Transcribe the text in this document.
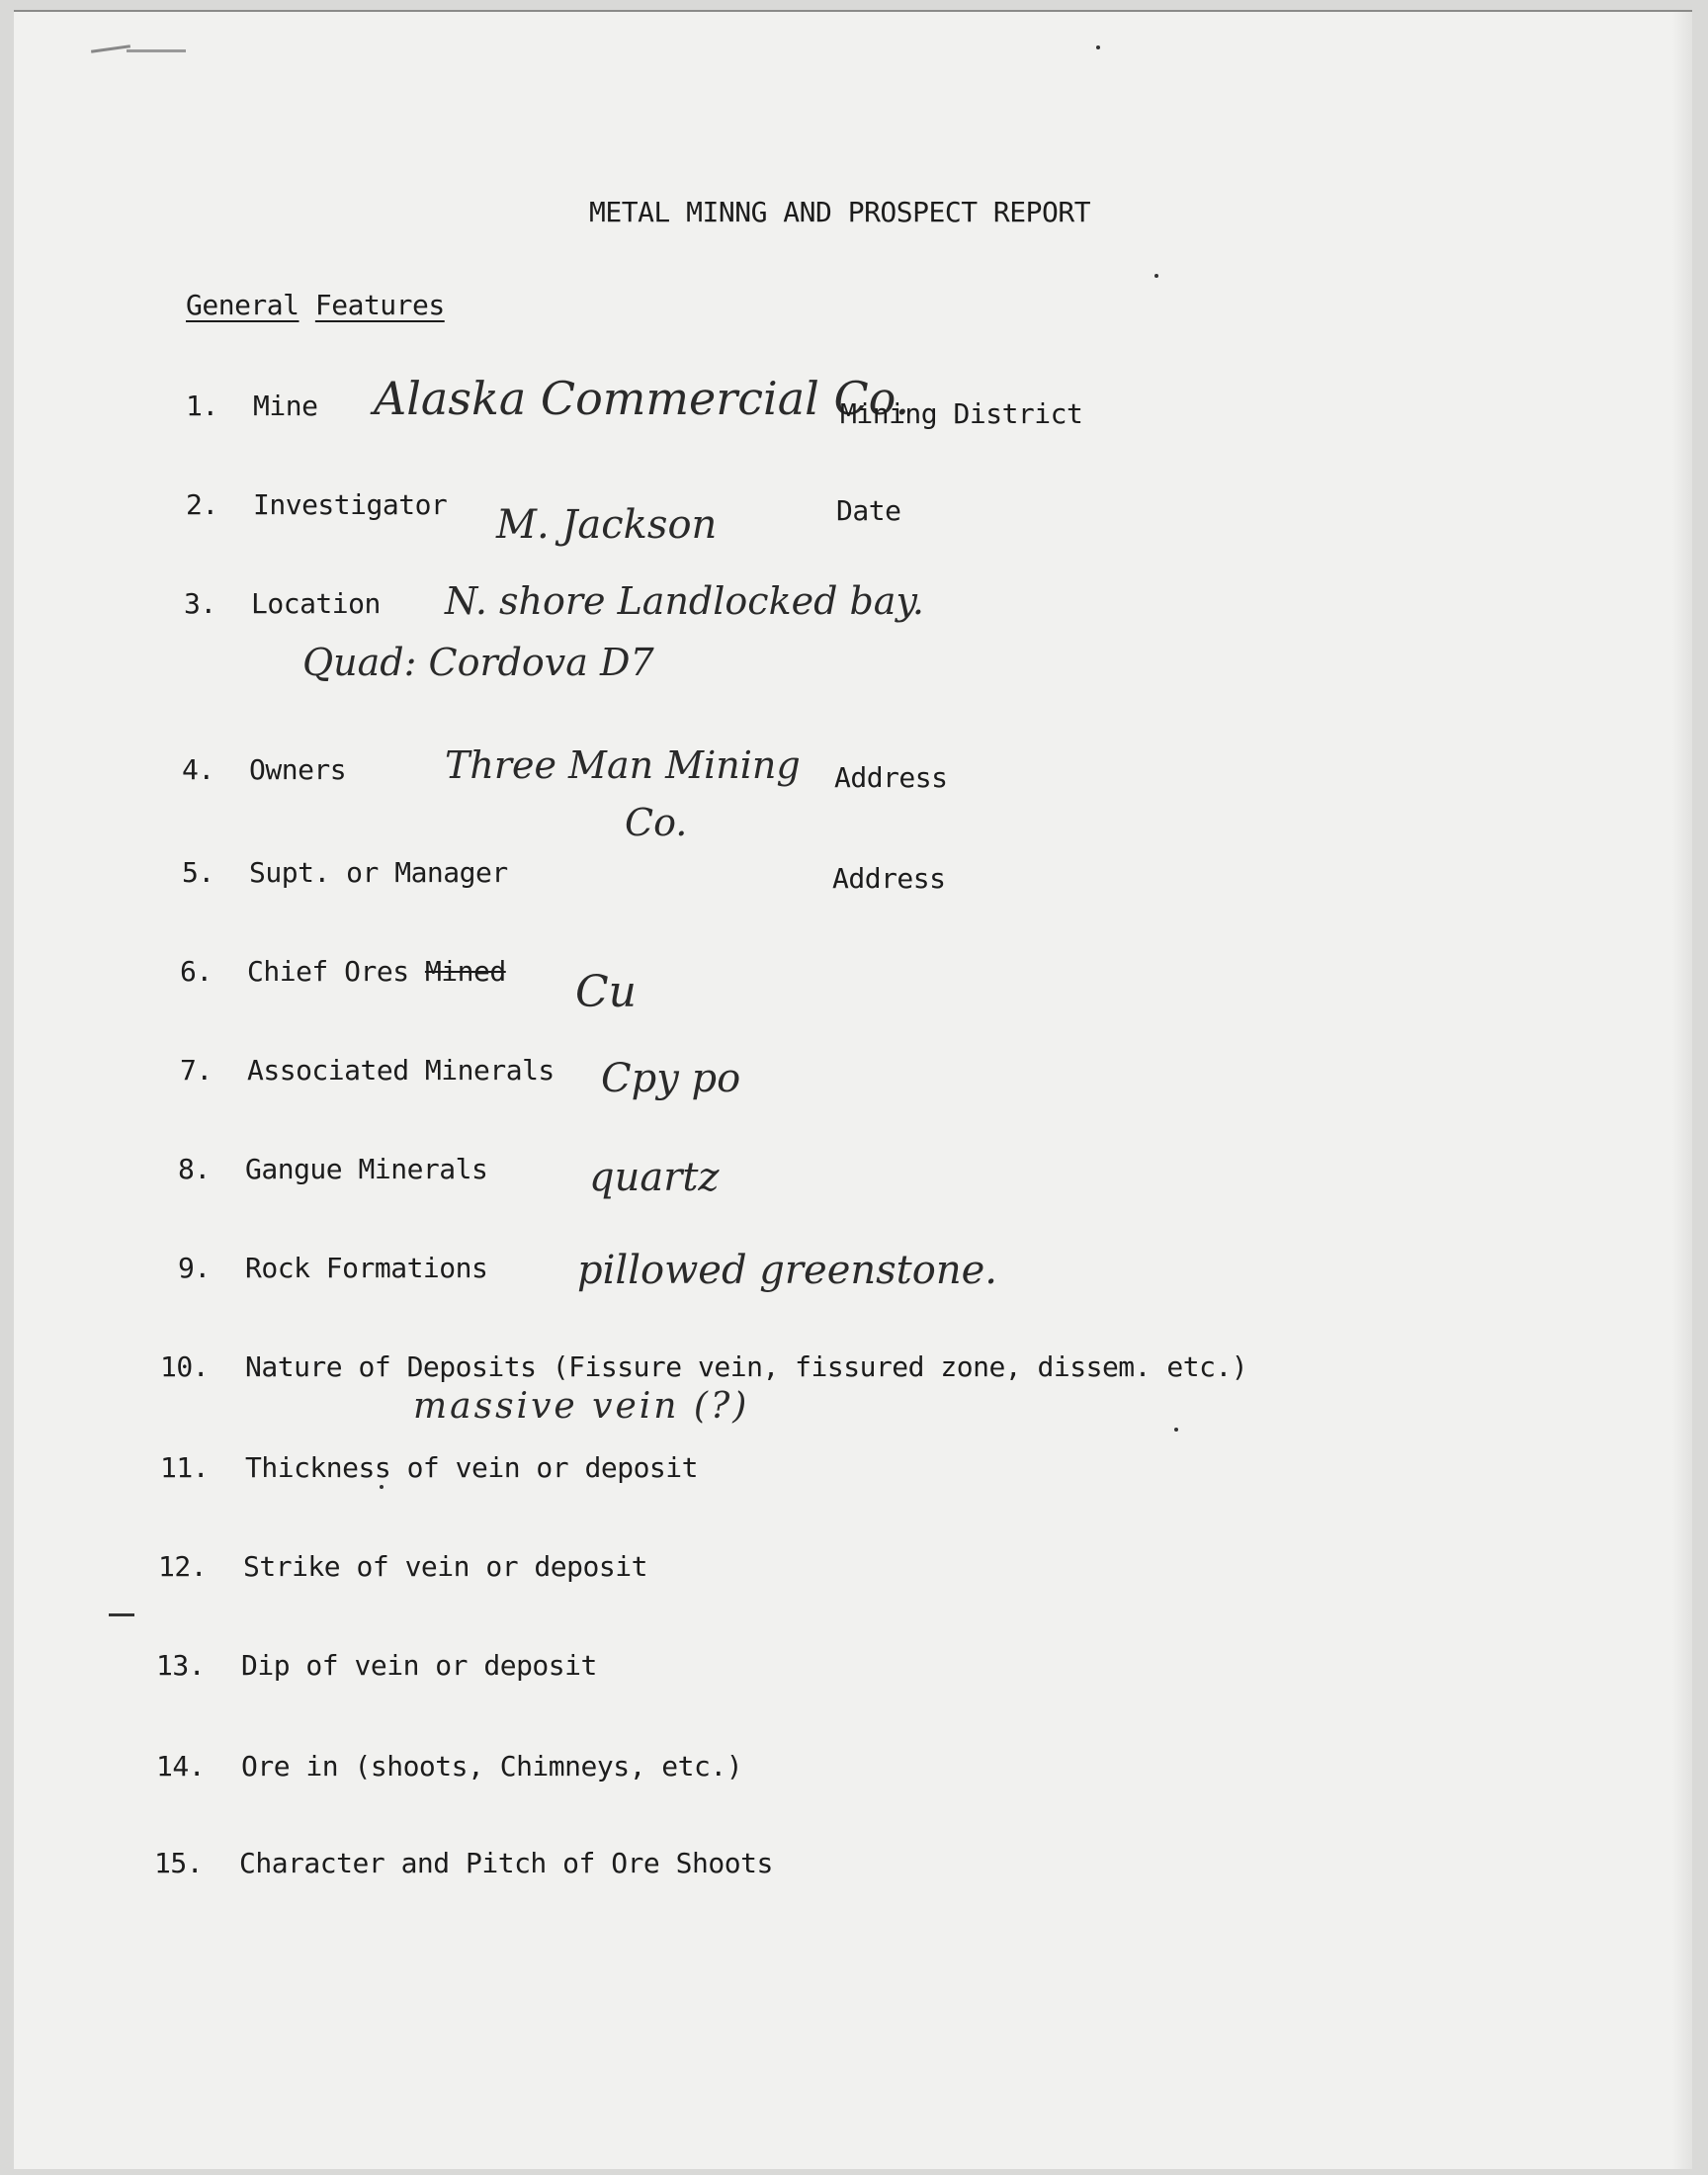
METAL MINNG AND PROSPECT REPORT
General Features
1. Mine Alaska Commercial Co.
Mining District
2. Investigator M. Jackson	Date
3. Location N. shore Landlocked bay.
Quad: Cordova D7
4. Owners	Three Man Mining
Co.
Address
5. Supt. or Manager	Address
6. Chief Ores Mined Cu
7. Associated Minerals Cpy po
8. Gangue Minerals	quartz
9. Rock Formations pillowed greenstone.
10. Nature of Deposits (Fissure vein, fissured zone, dissem. etc.)
massive vein (?)
11. Thickness of vein or deposit
12. Strike of vein or deposit
13. Dip of vein or deposit
14. Ore in (shoots, Chimneys, etc.)
15. Character and Pitch of Ore Shoots
